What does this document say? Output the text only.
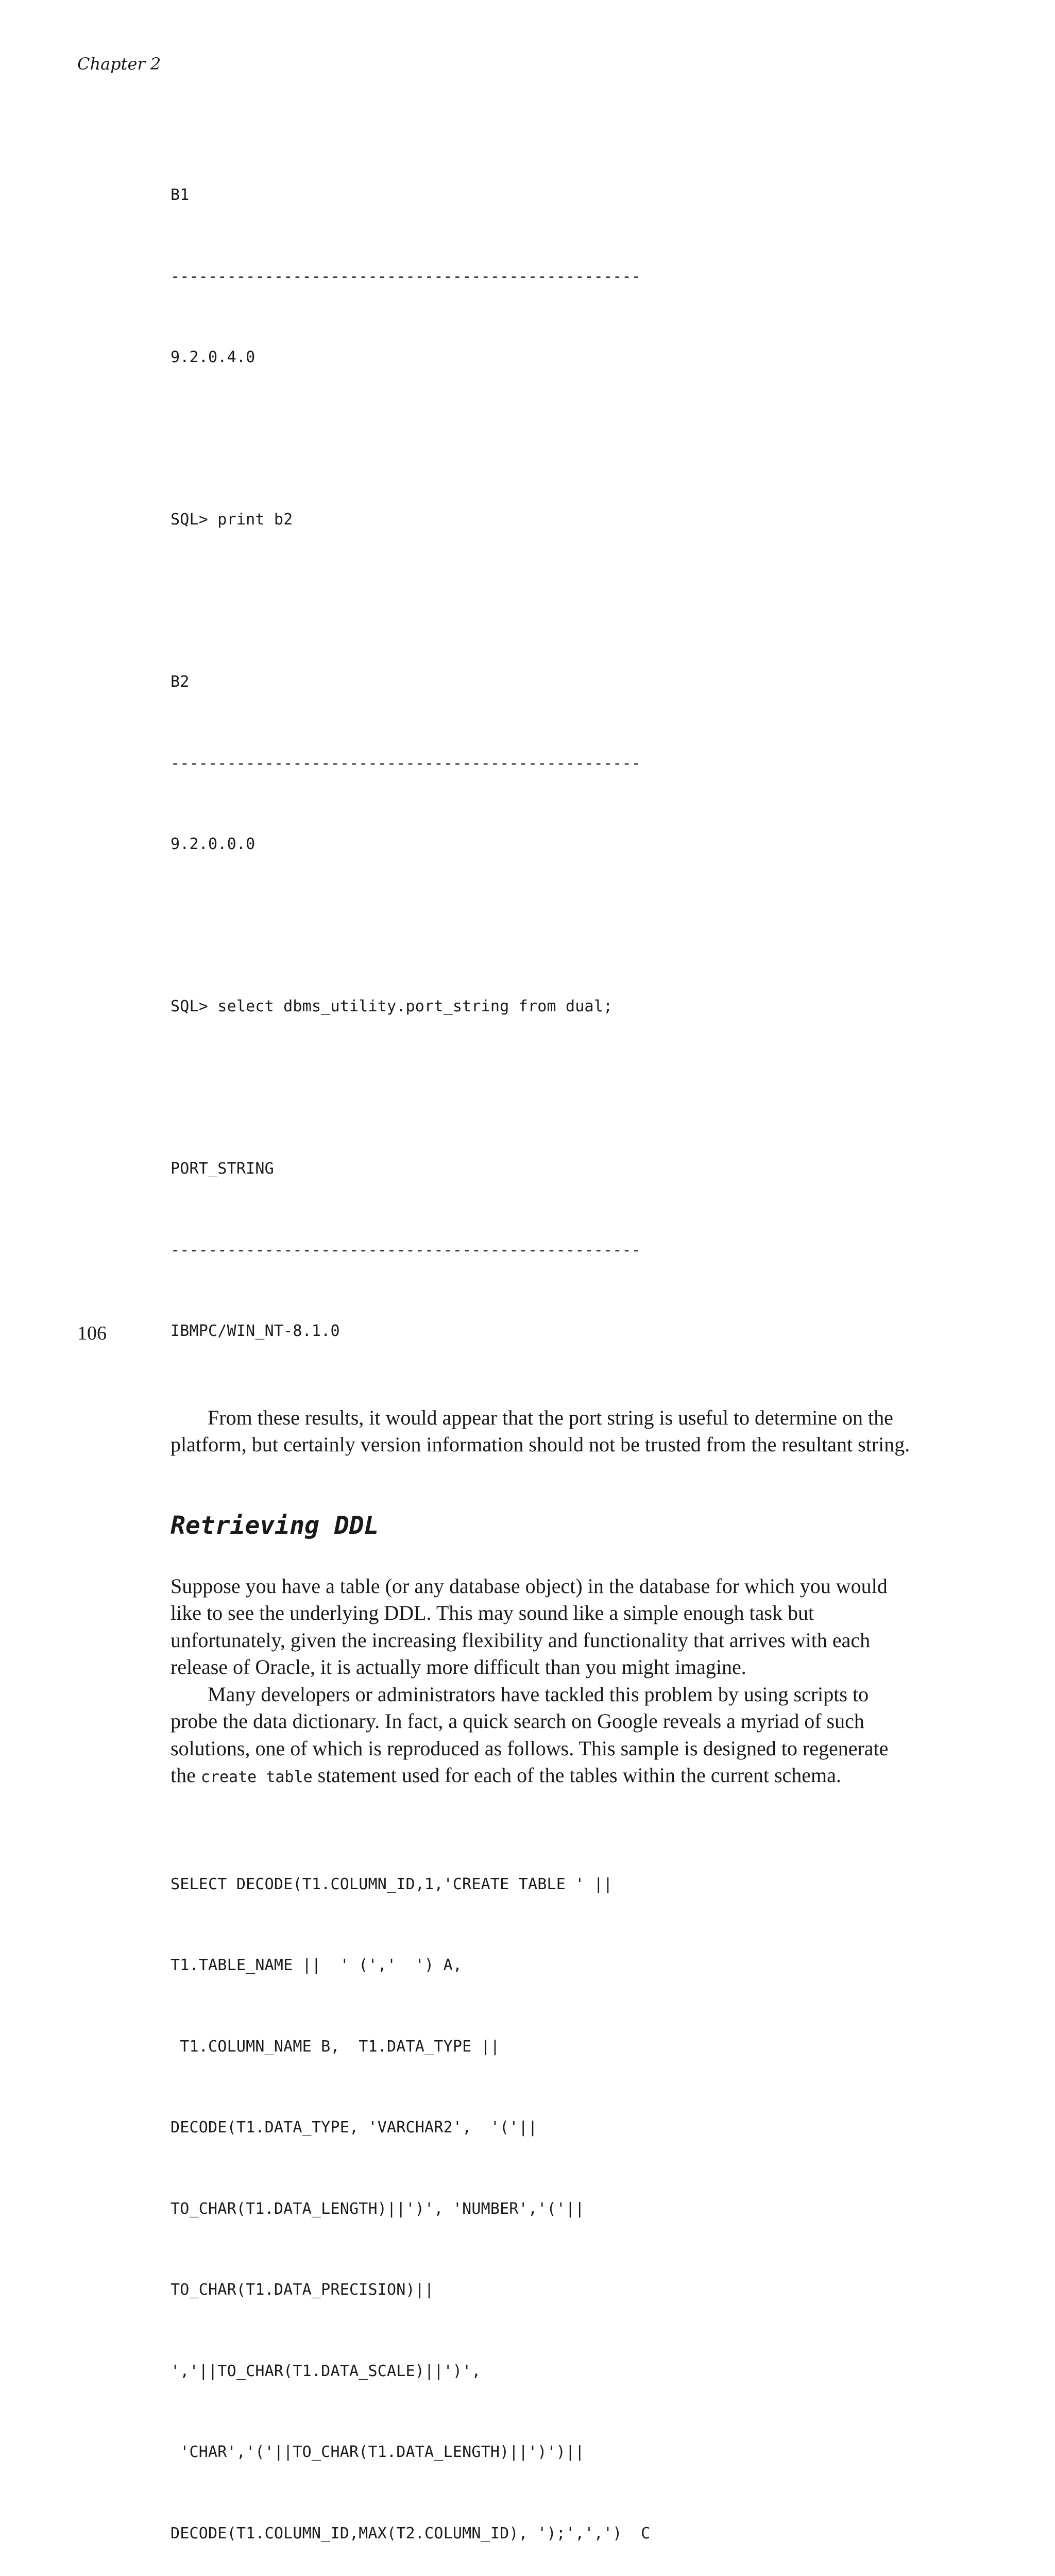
Chapter 2

B1

--------------------------------------------------

9.2.0.4.0

SQL> print b2

B2

--------------------------------------------------

9.2.0.0.0

SQL> select dbms_utility.port_string from dual;

PORT_STRING

--------------------------------------------------

IBMPC/WIN_NT-8.1.0

From these results, it would appear that the port string is useful to determine on the platform, but certainly version information should not be trusted from the resultant string.

Retrieving DDL

Suppose you have a table (or any database object) in the database for which you would like to see the underlying DDL. This may sound like a simple enough task but unfortunately, given the increasing flexibility and functionality that arrives with each release of Oracle, it is actually more difficult than you might imagine.

Many developers or administrators have tackled this problem by using scripts to probe the data dictionary. In fact, a quick search on Google reveals a myriad of such solutions, one of which is reproduced as follows. This sample is designed to regenerate the create table statement used for each of the tables within the current schema.

SELECT DECODE(T1.COLUMN_ID,1,'CREATE TABLE ' ||

T1.TABLE_NAME ||  ' (','  ') A,

T1.COLUMN_NAME B,  T1.DATA_TYPE ||

DECODE(T1.DATA_TYPE, 'VARCHAR2',  '('||

TO_CHAR(T1.DATA_LENGTH)||')', 'NUMBER','('||

TO_CHAR(T1.DATA_PRECISION)||

','||TO_CHAR(T1.DATA_SCALE)||')',

'CHAR','('||TO_CHAR(T1.DATA_LENGTH)||')')||

DECODE(T1.COLUMN_ID,MAX(T2.COLUMN_ID), ');',',')  C

106
